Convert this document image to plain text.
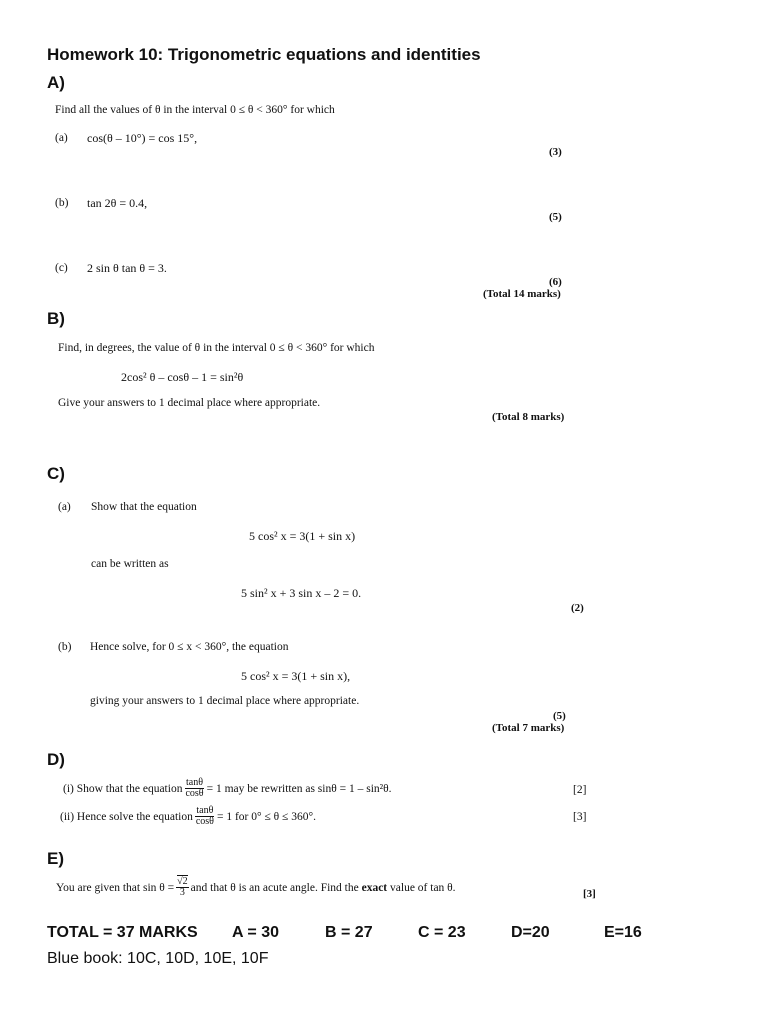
Homework 10: Trigonometric equations and identities
A)
Find all the values of θ in the interval 0 ≤ θ < 360° for which
(a) cos(θ – 10°) = cos 15°,
(3)
(b) tan 2θ = 0.4,
(5)
(c) 2 sin θ tan θ = 3.
(6)
(Total 14 marks)
B)
Find, in degrees, the value of θ in the interval 0 ≤ θ < 360° for which
2cos² θ – cosθ – 1 = sin²θ
Give your answers to 1 decimal place where appropriate.
(Total 8 marks)
C)
(a) Show that the equation
5 cos² x = 3(1 + sin x)
can be written as
5 sin² x + 3 sin x – 2 = 0.
(2)
(b) Hence solve, for 0 ≤ x < 360°, the equation
5 cos² x = 3(1 + sin x),
giving your answers to 1 decimal place where appropriate.
(5)
(Total 7 marks)
D)
(i) Show that the equation $\frac{\tan\theta}{\cos\theta} = 1$ may be rewritten as sinθ = 1 – sin²θ.	[2]
(ii) Hence solve the equation $\frac{\tan\theta}{\cos\theta} = 1$ for 0° ≤ θ ≤ 360°.	[3]
E)
You are given that $\sin \theta = \frac{√2}{3}$ and that θ is an acute angle. Find the
exact
value of tan θ.
[3]
TOTAL = 37 MARKS A = 30	B = 27	C = 23	D=20	E=16
Blue book: 10C, 10D, 10E, 10F
